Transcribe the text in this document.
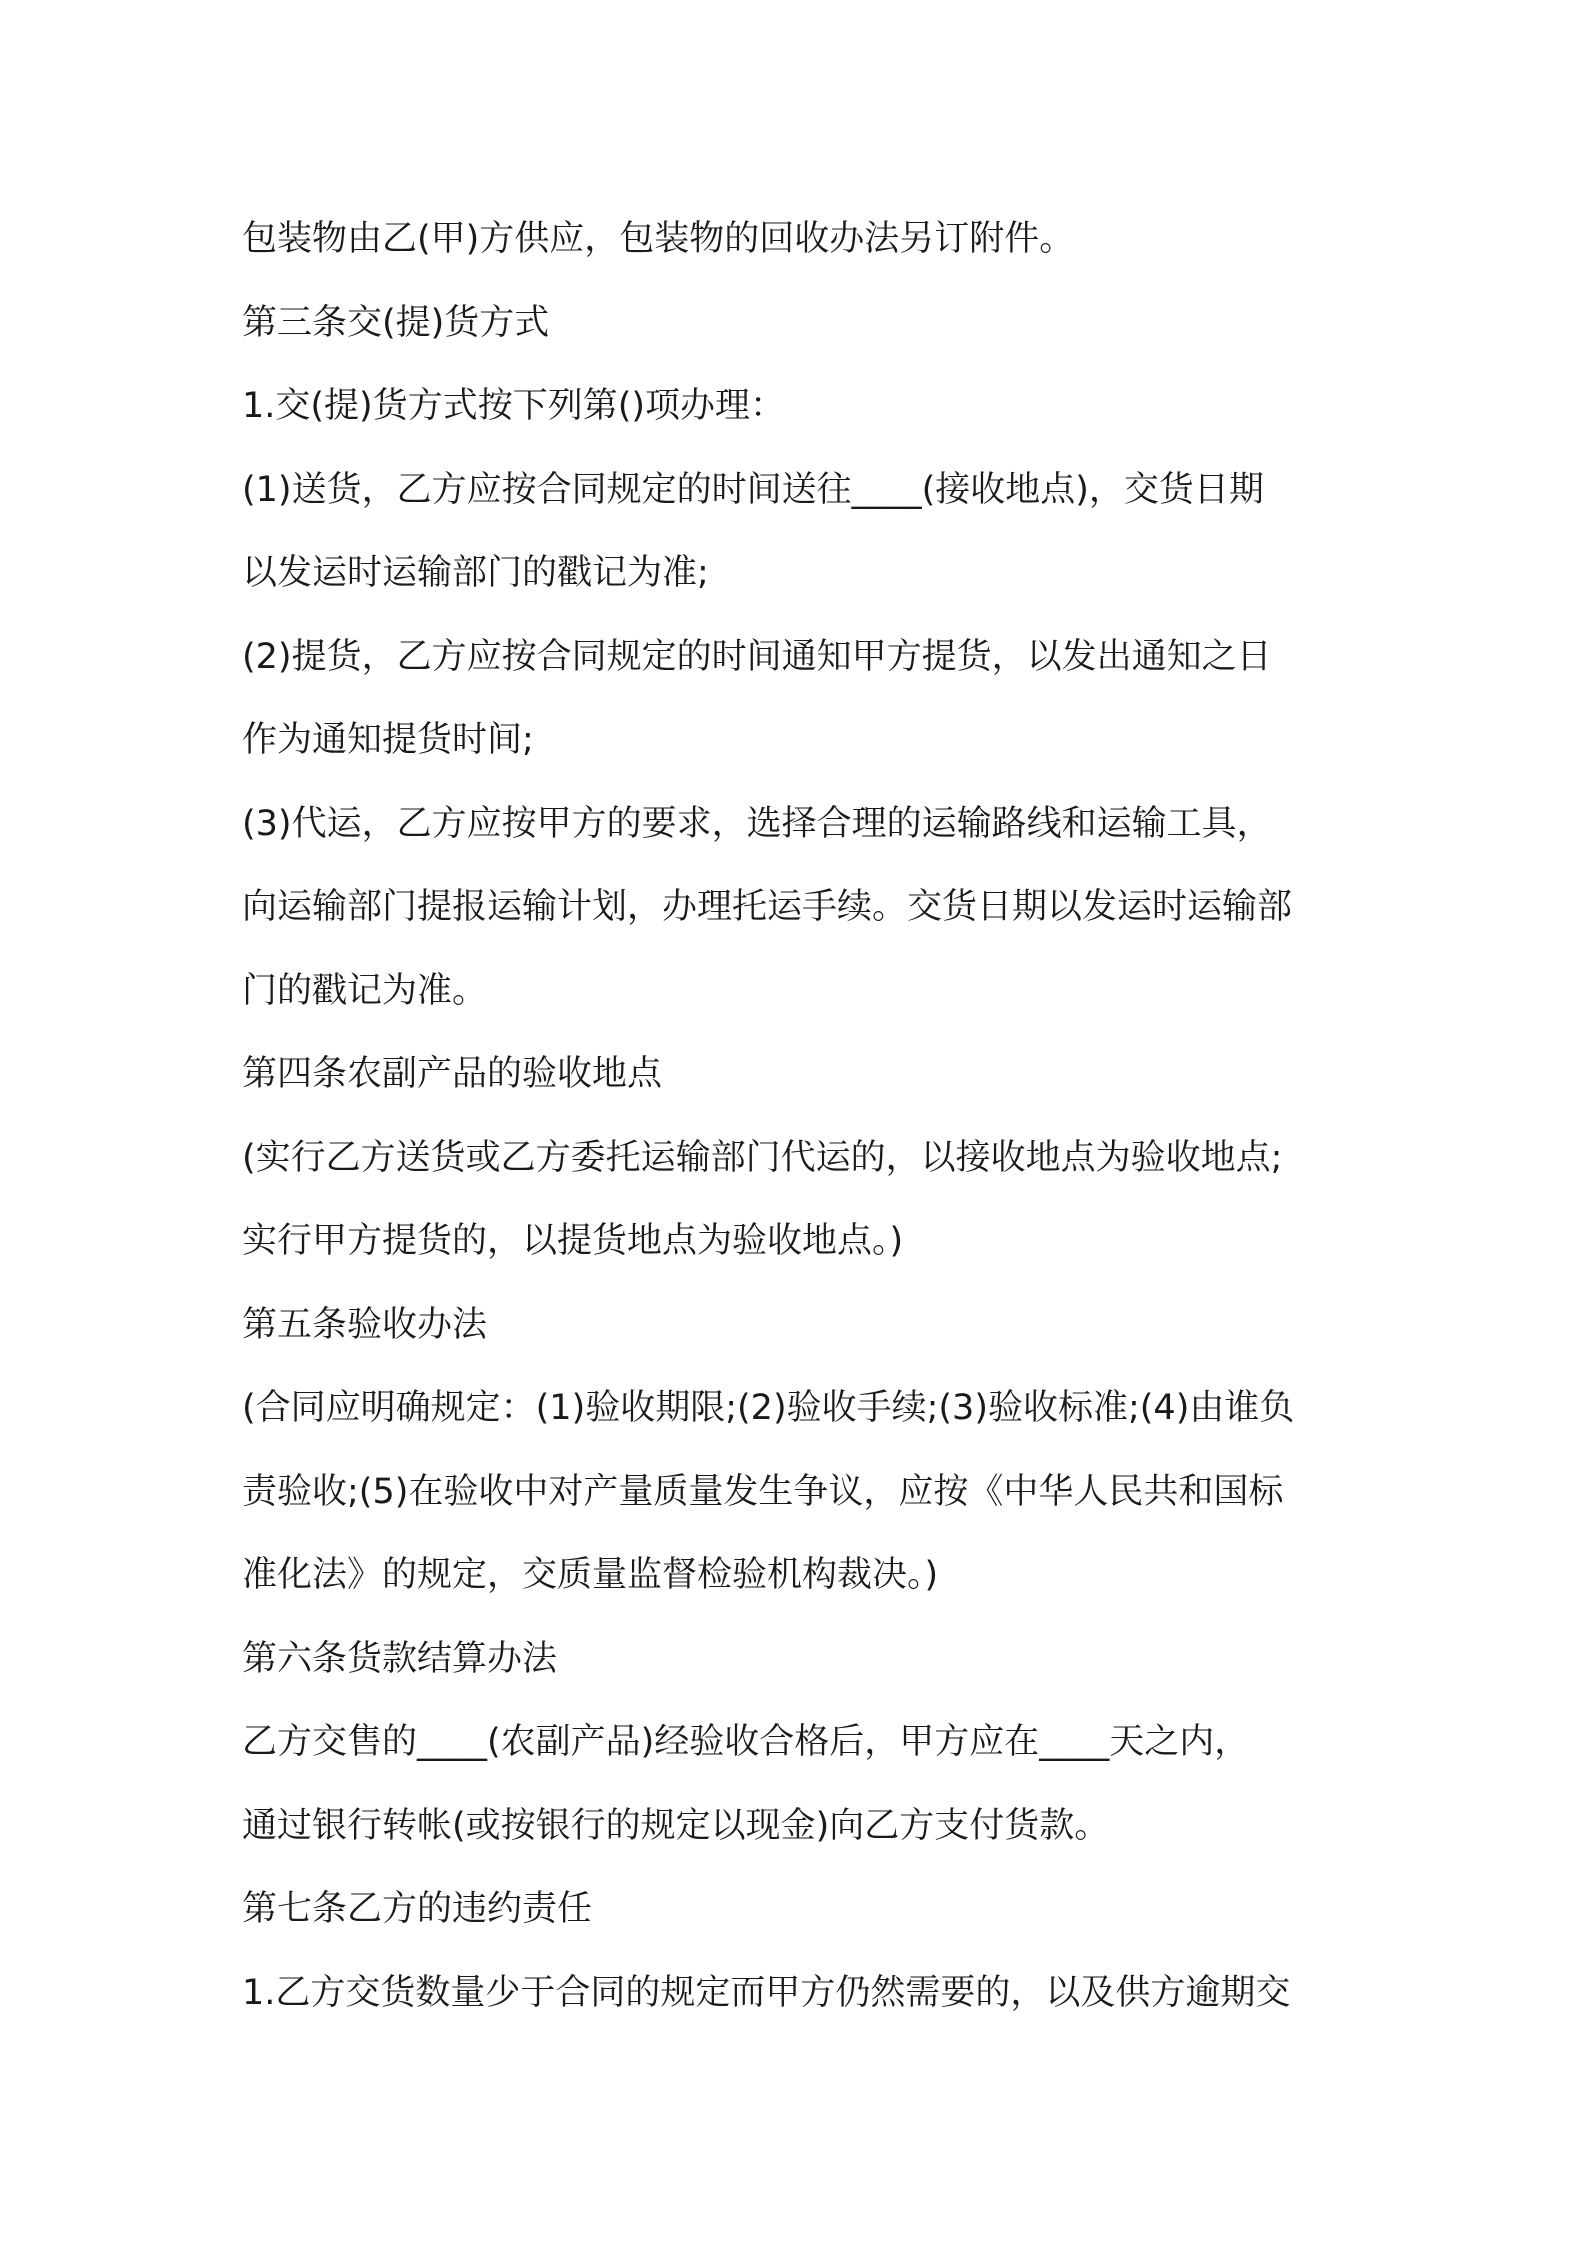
包装物由乙(甲)方供应，包装物的回收办法另订附件。
第三条交(提)货方式
1.交(提)货方式按下列第()项办理：
(1)送货，乙方应按合同规定的时间送往____(接收地点)，交货日期
以发运时运输部门的戳记为准;
(2)提货，乙方应按合同规定的时间通知甲方提货，以发出通知之日
作为通知提货时间;
(3)代运，乙方应按甲方的要求，选择合理的运输路线和运输工具，
向运输部门提报运输计划，办理托运手续。交货日期以发运时运输部
门的戳记为准。
第四条农副产品的验收地点
(实行乙方送货或乙方委托运输部门代运的，以接收地点为验收地点;
实行甲方提货的，以提货地点为验收地点。)
第五条验收办法
(合同应明确规定：(1)验收期限;(2)验收手续;(3)验收标准;(4)由谁负
责验收;(5)在验收中对产量质量发生争议，应按《中华人民共和国标
准化法》的规定，交质量监督检验机构裁决。)
第六条货款结算办法
乙方交售的____(农副产品)经验收合格后，甲方应在____天之内，
通过银行转帐(或按银行的规定以现金)向乙方支付货款。
第七条乙方的违约责任
1.乙方交货数量少于合同的规定而甲方仍然需要的，以及供方逾期交
